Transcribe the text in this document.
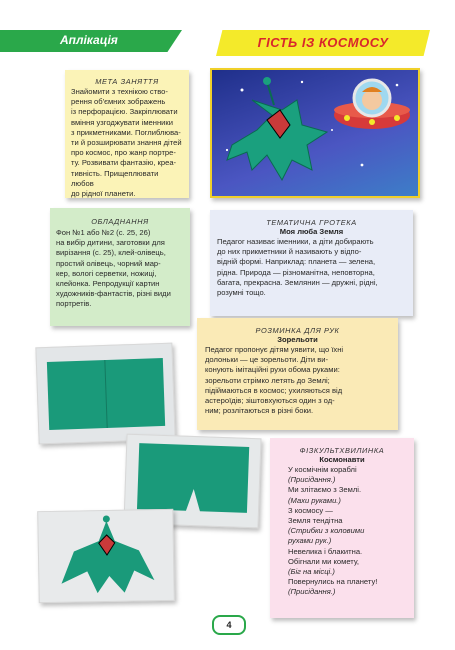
Аплікація	ГІСТЬ ІЗ КОСМОСУ
МЕТА ЗАНЯТТЯ
Знайомити з технікою ство-
рення об'ємних зображень
із перфорацією. Закріплювати
вміння узгоджувати іменники
з прикметниками. Поглиблюва-
ти й розширювати знання дітей
про космос, про жанр портре-
ту. Розвивати фантазію, креа-
тивність. Прищеплювати любов
до рідної планети.
ОБЛАДНАННЯ
Фон №1 або №2 (с. 25, 26)
на вибір дитини, заготовки для
вирізання (с. 25), клей-олівець,
простий олівець, чорний мар-
кер, вологі серветки, ножиці,
клейонка. Репродукції картин
художників-фантастів, різні види
портретів.
ТЕМАТИЧНА ГРОТЕКА
Моя люба Земля
Педагог називає іменники, а діти добирають
до них прикметники й називають у відпо-
відній формі. Наприклад: планета — зелена,
рідна. Природа — різноманітна, неповторна,
багата, прекрасна. Землянин — дружні, рідні,
розумні тощо.
РОЗМИНКА ДЛЯ РУК
Зорельоти
Педагог пропонує дітям уявити, що їхні
долоньки — це зорельоти. Діти ви-
конують імітаційні рухи обома руками:
зорельоти стрімко летять до Землі;
підіймаються в космос; ухиляються від
астероїдів; зіштовхуються один з од-
ним; розлітаються в різні боки.
ФІЗКУЛЬТХВИЛИНКА
Космонавти
У космічнім кораблі
(Присідання.)
Ми злітаємо з Землі.
(Махи руками.)
З космосу —
Земля тендітна
(Стрибки з коловими
рухами рук.)
Невелика і блакитна.
Обігнали ми комету,
(Біг на місці.)
Повернулись на планету!
(Присідання.)
4
